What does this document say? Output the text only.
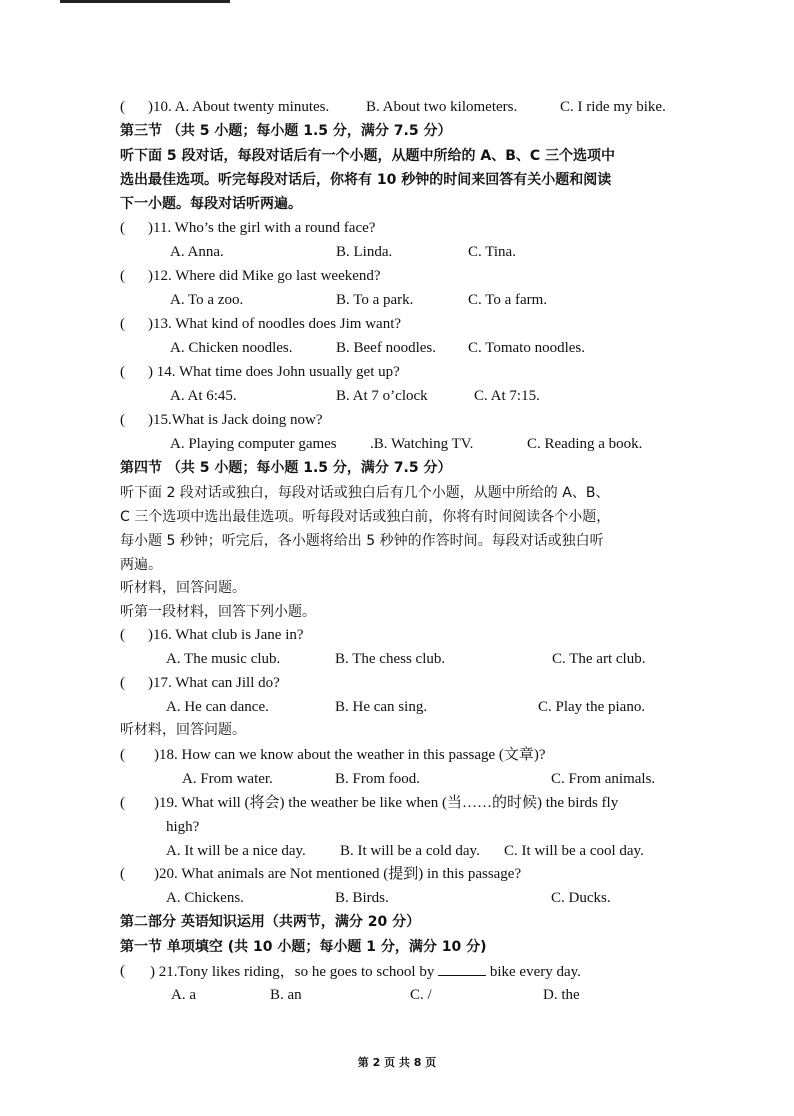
( )10. A. About twenty minutes. B. About two kilometers.	C. I ride my bike.
第三节 （共 5 小题；每小题 1.5 分，满分 7.5 分）
听下面 5 段对话，每段对话后有一个小题，从题中所给的 A、B、C 三个选项中
选出最佳选项。听完每段对话后，你将有 10 秒钟的时间来回答有关小题和阅读
下一小题。每段对话听两遍。
( )11. Who’s the girl with a round face?
A. Anna.	B. Linda.	C. Tina.
( )12. Where did Mike go last weekend?
A. To a zoo.	B. To a park.	C. To a farm.
( )13. What kind of noodles does Jim want?
A. Chicken noodles.	B. Beef noodles. C. Tomato noodles.
( ) 14. What time does John usually get up?
A. At 6:45.	B. At 7 o’clock	C. At 7:15.
( )15.What is Jack doing now?
A. Playing computer games .B. Watching TV.	C. Reading a book.
第四节 （共 5 小题；每小题 1.5 分，满分 7.5 分）
听下面 2 段对话或独白，每段对话或独白后有几个小题，从题中所给的 A、B、
C 三个选项中选出最佳选项。听每段对话或独白前，你将有时间阅读各个小题，
每小题 5 秒钟；听完后，各小题将给出 5 秒钟的作答时间。每段对话或独白听
两遍。
听材料，回答问题。
听第一段材料，回答下列小题。
( )16. What club is Jane in?
A. The music club.	B. The chess club.	C. The art club.
( )17. What can Jill do?
A. He can dance.	B. He can sing.	C. Play the piano.
听材料，回答问题。
( )18. How can we know about the weather in this passage (文章)?
A. From water.	B. From food.	C. From animals.
( )19. What will (将会) the weather be like when (当……的时候) the birds fly
high?
A. It will be a nice day. B. It will be a cold day. C. It will be a cool day.
( )20. What animals are Not mentioned (提到) in this passage?
A. Chickens.	B. Birds.	C. Ducks.
第二部分 英语知识运用（共两节，满分 20 分）
第一节 单项填空 (共 10 小题；每小题 1 分，满分 10 分)
( ) 21.Tony likes riding，so he goes to school by	bike every day.
A. a	B. an	C. /	D. the
第 2 页 共 8 页
